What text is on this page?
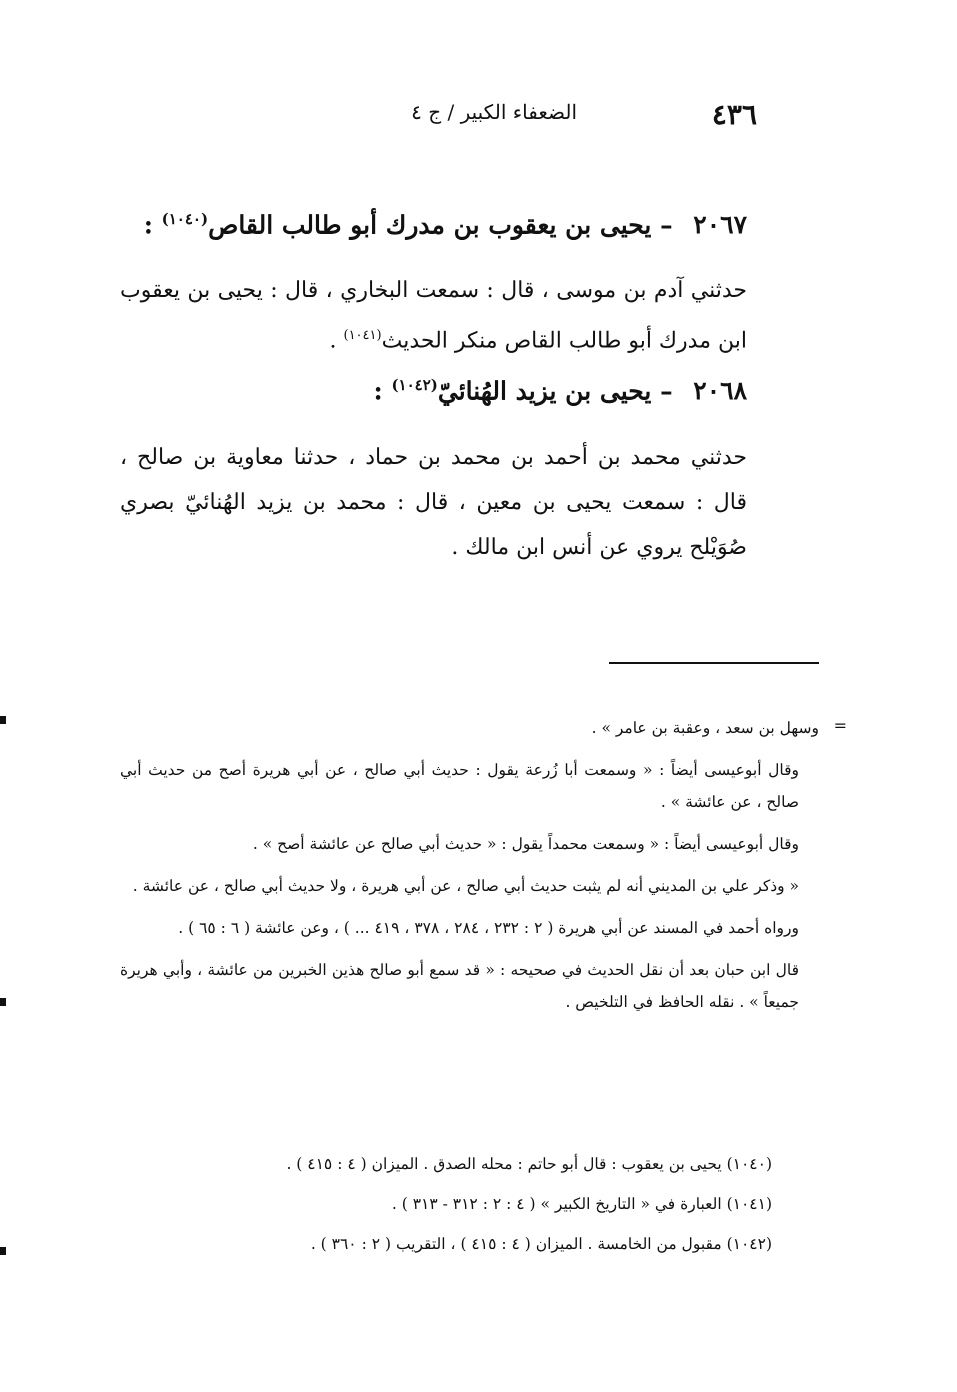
٤٣٦
الضعفاء الكبير / ج ٤
٢٠٦٧ – يحيى بن يعقوب بن مدرك أبو طالب القاص$^{(١٠٤٠)}$ :
حدثني آدم بن موسى ، قال : سمعت البخاري ، قال : يحيى بن يعقوب ابن مدرك أبو طالب القاص منكر الحديث$^{(١٠٤١)}$ .
٢٠٦٨ – يحيى بن يزيد الهُنائيّ$^{(١٠٤٢)}$ :
حدثني محمد بن أحمد بن محمد بن حماد ، حدثنا معاوية بن صالح ، قال : سمعت يحيى بن معين ، قال : محمد بن يزيد الهُنائيّ بصري صُوَيْلح يروي عن أنس ابن مالك .
=

وسهل بن سعد ، وعقبة بن عامر » .

وقال أبوعيسى أيضاً : « وسمعت أبا زُرعة يقول : حديث أبي صالح ، عن أبي هريرة أصح من حديث أبي صالح ، عن عائشة » .

وقال أبوعيسى أيضاً : « وسمعت محمداً يقول : « حديث أبي صالح عن عائشة أصح » .

« وذكر علي بن المديني أنه لم يثبت حديث أبي صالح ، عن أبي هريرة ، ولا حديث أبي صالح ، عن عائشة .

ورواه أحمد في المسند عن أبي هريرة ( ٢ : ٢٣٢ ، ٢٨٤ ، ٣٧٨ ، ٤١٩ ... ) ، وعن عائشة ( ٦ : ٦٥ ) .

قال ابن حبان بعد أن نقل الحديث في صحيحه : « قد سمع أبو صالح هذين الخبرين من عائشة ، وأبي هريرة جميعاً » . نقله الحافظ في التلخيص .

(١٠٤٠) يحيى بن يعقوب : قال أبو حاتم : محله الصدق . الميزان ( ٤ : ٤١٥ ) .

(١٠٤١) العبارة في « التاريخ الكبير » ( ٤ : ٢ : ٣١٢ - ٣١٣ ) .

(١٠٤٢) مقبول من الخامسة . الميزان ( ٤ : ٤١٥ ) ، التقريب ( ٢ : ٣٦٠ ) .
